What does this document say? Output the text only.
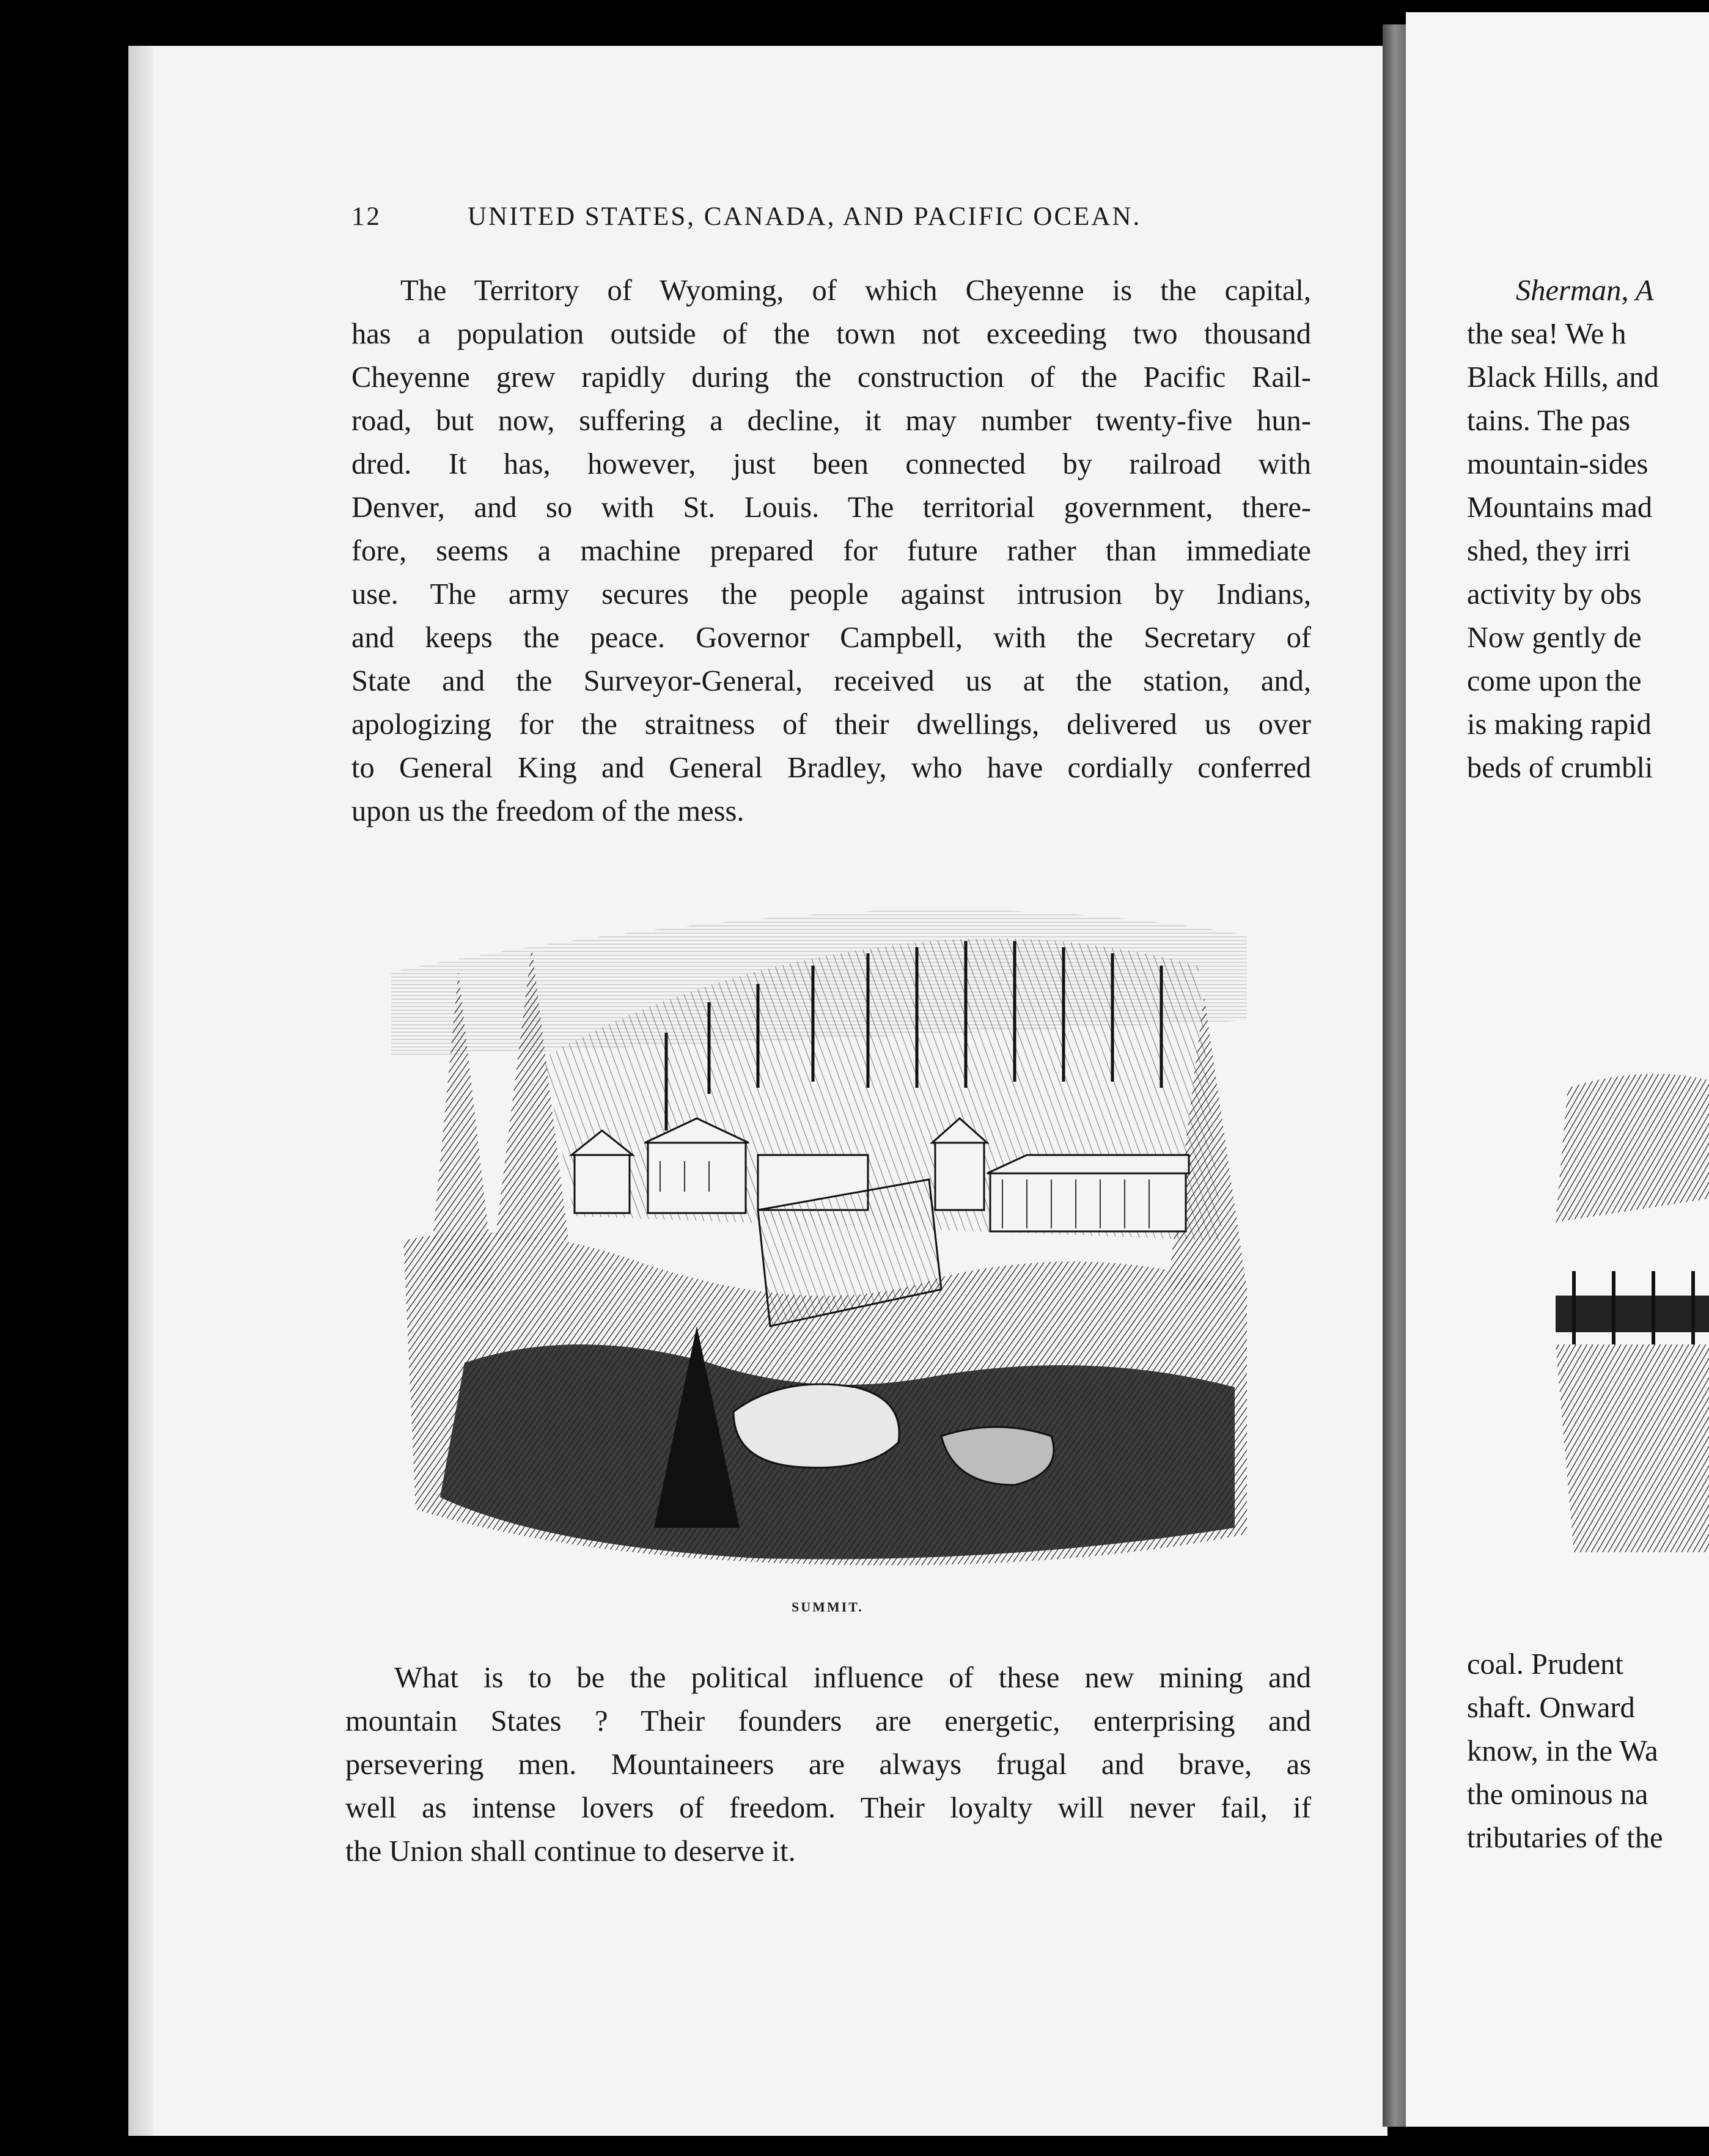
12	UNITED STATES, CANADA, AND PACIFIC OCEAN.
The Territory of Wyoming, of which Cheyenne is the capital,
has a population outside of the town not exceeding two thousand
Cheyenne grew rapidly during the construction of the Pacific Rail-
road, but now, suffering a decline, it may number twenty-five hun-
dred. It has, however, just been connected by railroad with
Denver, and so with St. Louis. The territorial government, there-
fore, seems a machine prepared for future rather than immediate
use. The army secures the people against intrusion by Indians,
and keeps the peace. Governor Campbell, with the Secretary of
State and the Surveyor-General, received us at the station, and,
apologizing for the straitness of their dwellings, delivered us over
to General King and General Bradley, who have cordially conferred
upon us the freedom of the mess.
SUMMIT.
What is to be the political influence of these new mining and
mountain States ? Their founders are energetic, enterprising and
persevering men. Mountaineers are always frugal and brave, as
well as intense lovers of freedom. Their loyalty will never fail, if
the Union shall continue to deserve it.
Sherman, A
the sea! We h
Black Hills, and
tains. The pas
mountain-sides
Mountains mad
shed, they irri
activity by obs
Now gently de
come upon the
is making rapid
beds of crumbli
coal. Prudent
shaft. Onward
know, in the Wa
the ominous na
tributaries of the
